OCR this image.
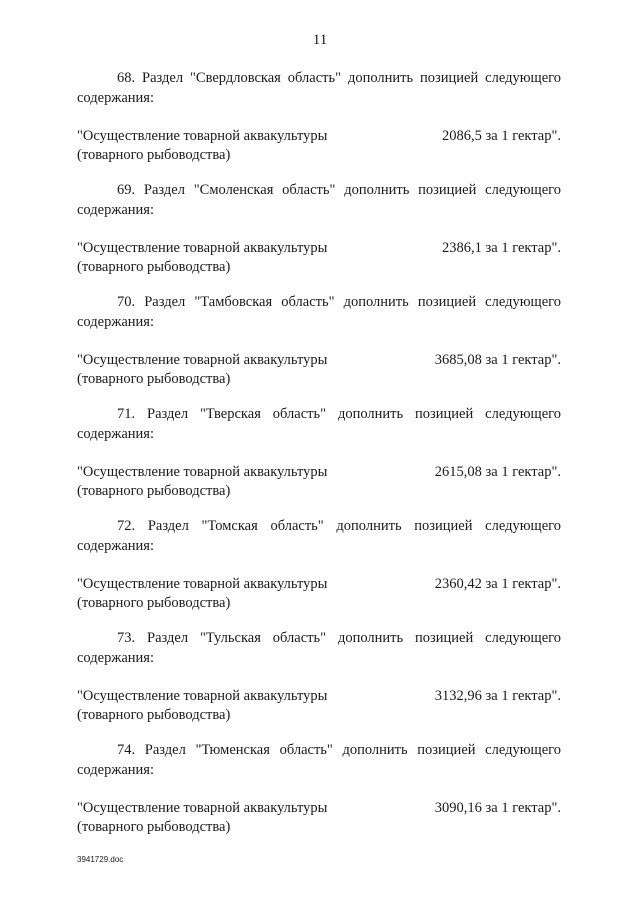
11

68. Раздел "Свердловская область" дополнить позицией следующего содержания:

"Осуществление товарной аквакультуры
(товарного рыбоводства)

2086,5 за 1 гектар".

69. Раздел "Смоленская область" дополнить позицией следующего содержания:

"Осуществление товарной аквакультуры
(товарного рыбоводства)

2386,1 за 1 гектар".

70. Раздел "Тамбовская область" дополнить позицией следующего содержания:

"Осуществление товарной аквакультуры
(товарного рыбоводства)

3685,08 за 1 гектар".

71. Раздел "Тверская область" дополнить позицией следующего содержания:

"Осуществление товарной аквакультуры
(товарного рыбоводства)

2615,08 за 1 гектар".

72. Раздел "Томская область" дополнить позицией следующего содержания:

"Осуществление товарной аквакультуры
(товарного рыбоводства)

2360,42 за 1 гектар".

73. Раздел "Тульская область" дополнить позицией следующего содержания:

"Осуществление товарной аквакультуры
(товарного рыбоводства)

3132,96 за 1 гектар".

74. Раздел "Тюменская область" дополнить позицией следующего содержания:

"Осуществление товарной аквакультуры
(товарного рыбоводства)

3090,16 за 1 гектар".
3941729.doc
